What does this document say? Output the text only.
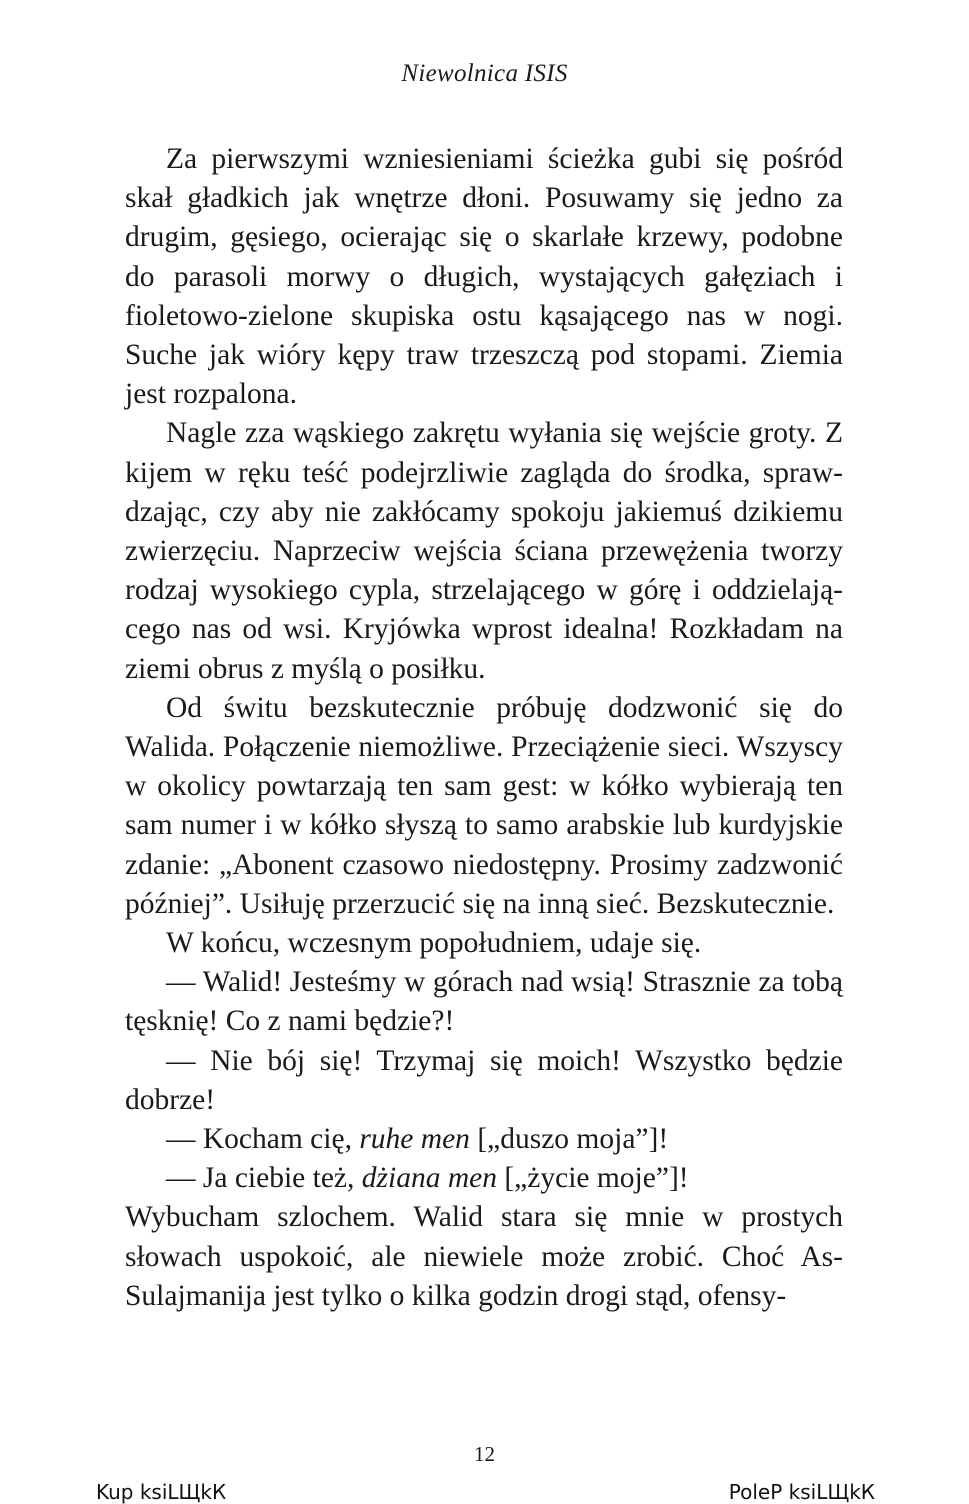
Niewolnica ISIS

Za pierwszymi wzniesieniami ścieżka gubi się pośród skał gładkich jak wnętrze dłoni. Posuwamy się jedno za drugim, gęsiego, ocierając się o skarlałe krzewy, podobne do parasoli morwy o długich, wystających gałęziach i fioletowo-zielone skupiska ostu kąsającego nas w nogi. Suche jak wióry kępy traw trzeszczą pod stopami. Ziemia jest rozpalona.

Nagle zza wąskiego zakrętu wyłania się wejście groty. Z kijem w ręku teść podejrzliwie zagląda do środka, sprawdzając, czy aby nie zakłócamy spokoju jakiemuś dzikiemu zwierzęciu. Naprzeciw wejścia ściana przewężenia tworzy rodzaj wysokiego cypla, strzelającego w górę i oddzielającego nas od wsi. Kryjówka wprost idealna! Rozkładam na ziemi obrus z myślą o posiłku.

Od świtu bezskutecznie próbuję dodzwonić się do Walida. Połączenie niemożliwe. Przeciążenie sieci. Wszyscy w okolicy powtarzają ten sam gest: w kółko wybierają ten sam numer i w kółko słyszą to samo arabskie lub kurdyjskie zdanie: „Abonent czasowo niedostępny. Prosimy zadzwonić później”. Usiłuję przerzucić się na inną sieć. Bezskutecznie.

W końcu, wczesnym popołudniem, udaje się.

— Walid! Jesteśmy w górach nad wsią! Strasznie za tobą tęsknię! Co z nami będzie?!

— Nie bój się! Trzymaj się moich! Wszystko będzie dobrze!

— Kocham cię, ruhe men [„duszo moja”]!

— Ja ciebie też, dżiana men [„życie moje”]!

Wybucham szlochem. Walid stara się mnie w prostych słowach uspokoić, ale niewiele może zrobić. Choć As-Sulajmanija jest tylko o kilka godzin drogi stąd, ofensy-

12
Kup ksiLЩkК	PoleР ksiLЩkК
